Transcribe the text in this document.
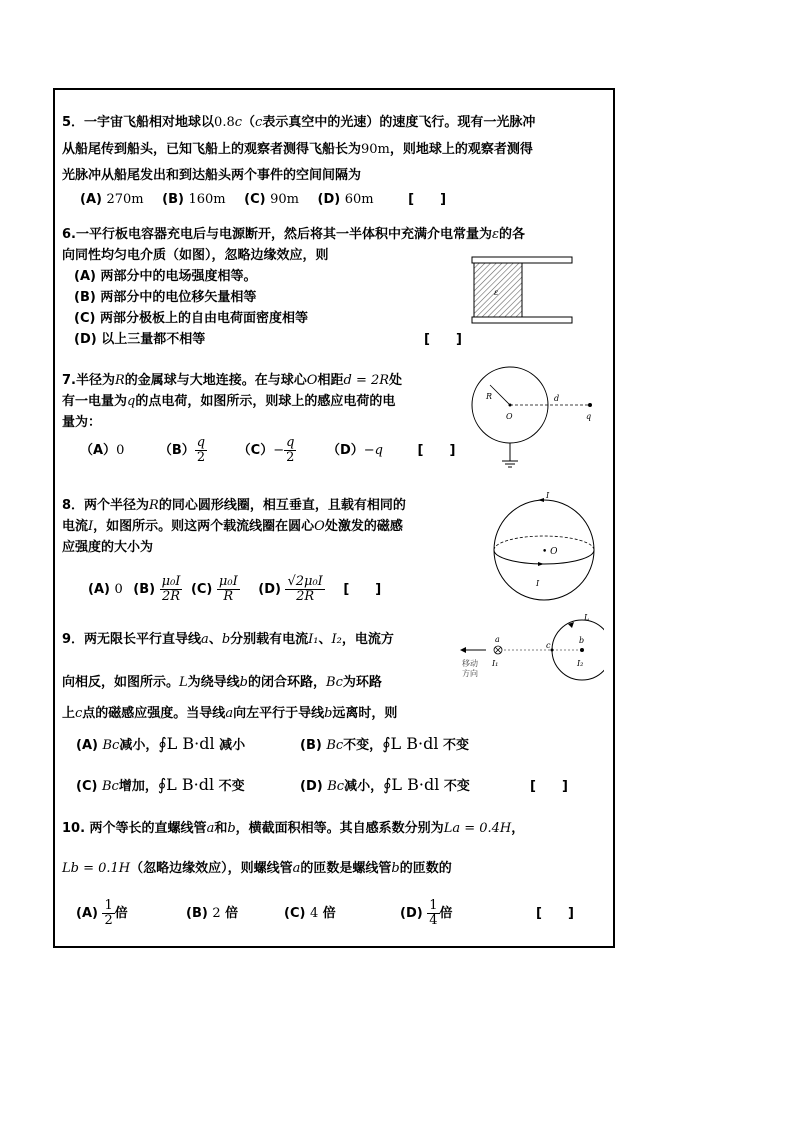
5．一宇宙飞船相对地球以0.8c（c表示真空中的光速）的速度飞行。现有一光脉冲
从船尾传到船头，已知飞船上的观察者测得飞船长为90m，则地球上的观察者测得
光脉冲从船尾发出和到达船头两个事件的空间间隔为
(A) 270m (B) 160m (C) 90m (D) 60m	[　　]
6.一平行板电容器充电后与电源断开，然后将其一半体积中充满介电常量为ε的各
向同性均匀电介质（如图），忽略边缘效应，则
(A) 两部分中的电场强度相等。
(B) 两部分中的电位移矢量相等
(C) 两部分极板上的自由电荷面密度相等
(D) 以上三量都不相等	[　　]
ε
7.半径为R的金属球与大地连接。在与球心O相距d = 2R处
有一电量为q的点电荷，如图所示，则球上的感应电荷的电
量为：
（A）0	$(B) \frac{q}{2} (C)- \frac{q}{2} (D)-q$	[　　]
R
O
d
q
8．两个半径为R的同心圆形线圈，相互垂直，且载有相同的
电流I，如图所示。则这两个载流线圈在圆心O处激发的磁感
应强度的大小为
(A) 0 $(B) \frac{\text{μ₀I}}{2R} (C) \frac{\text{μ₀I}}{R} (D) \frac{\text{√2μ₀I}}{2R}$ [　　]
I
I
• O
9．两无限长平行直导线a、b分别载有电流I₁、I₂，电流方
向相反，如图所示。L为绕导线b的闭合环路，Bc为环路
上c点的磁感应强度。当导线a向左平行于导线b远离时，则
(A) Bc减小，∮L B·dl 减小	(B) Bc不变，∮L B·dl 不变
(C) Bc增加，∮L B·dl 不变	(D) Bc减小，∮L B·dl 不变	[　　]
移动
方向
a
I₁
L
c
b
I₂
10. 两个等长的直螺线管a和b，横截面积相等。其自感系数分别为La = 0.4H，
Lb = 0.1H（忽略边缘效应），则螺线管a的匝数是螺线管b的匝数的
$(A) \frac{1}{2}$ 倍	(B) 2 倍	(C) 4 倍	$(D) \frac{1}{4}$ 倍	[　　]
